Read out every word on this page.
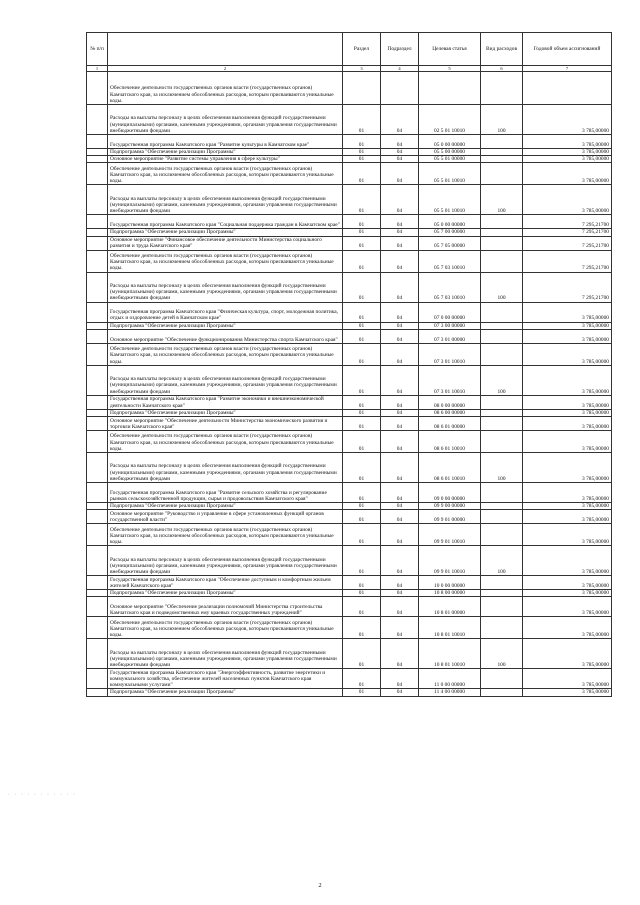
№ п/п		Раздел	Подраздел	Целевая статья	Вид расходов	Годовой объем ассигнований
1	2	3	4	5	6	7
	Обеспечение деятельности государственных органов власти (государственных органов) Камчатского края, за исключением обособленных расходов, которым присваиваются уникальные коды.					
	Расходы на выплаты персоналу в целях обеспечения выполнения функций государственными (муниципальными) органами, казенными учреждениями, органами управления государственными внебюджетными фондами	01	04	02 5 01 10010	100	3 785,00000
	Государственная программа Камчатского края "Развитие культуры в Камчатском крае"	01	04	05 0 00 00000		3 785,00000
	Подпрограмма "Обеспечение реализации Программы"	01	04	05 5 00 00000		3 785,00000
	Основное мероприятие "Развитие системы управления в сфере культуры"	01	04	05 5 01 00000		3 785,00000
	Обеспечение деятельности государственных органов власти (государственных органов) Камчатского края, за исключением обособленных расходов, которым присваиваются уникальные коды.	01	04	05 5 01 10010		3 785,00000
	Расходы на выплаты персоналу в целях обеспечения выполнения функций государственными (муниципальными) органами, казенными учреждениями, органами управления государственными внебюджетными фондами	01	04	05 5 01 10010	100	3 785,00000
	Государственная программа Камчатского края "Социальная поддержка граждан в Камчатском крае"	01	04	05 0 00 00000		7 295,21700
	Подпрограмма "Обеспечение реализации Программы"	01	04	05 7 00 00000		7 295,21700
	Основное мероприятие "Финансовое обеспечение деятельности Министерства социального развития и труда Камчатского края"	01	04	05 7 05 00000		7 295,21700
	Обеспечение деятельности государственных органов власти (государственных органов) Камчатского края, за исключением обособленных расходов, которым присваиваются уникальные коды.	01	04	05 7 03 10010		7 295,21700
	Расходы на выплаты персоналу в целях обеспечения выполнения функций государственными (муниципальными) органами, казенными учреждениями, органами управления государственными внебюджетными фондами	01	04	05 7 03 10010	100	7 295,21700
	Государственная программа Камчатского края "Физическая культура, спорт, молодежная политика, отдых и оздоровление детей в Камчатском крае"	01	04	07 0 00 00000		3 785,00000
	Подпрограмма "Обеспечение реализации Программы"	01	04	07 3 00 00000		3 785,00000
	Основное мероприятие "Обеспечение функционирования Министерства спорта Камчатского края"	01	04	07 3 01 00000		3 785,00000
	Обеспечение деятельности государственных органов власти (государственных органов) Камчатского края, за исключением обособленных расходов, которым присваиваются уникальные коды.	01	04	07 3 01 10010		3 785,00000
	Расходы на выплаты персоналу в целях обеспечения выполнения функций государственными (муниципальными) органами, казенными учреждениями, органами управления государственными внебюджетными фондами	01	04	07 3 01 10010	100	3 785,00000
	Государственная программа Камчатского края "Развитие экономики и внешнеэкономической деятельности Камчатского края"	01	04	08 0 00 00000		3 785,00000
	Подпрограмма "Обеспечение реализации Программы"	01	04	08 6 00 00000		3 785,00000
	Основное мероприятие "Обеспечение деятельности Министерства экономического развития и торговли Камчатского края"	01	04	08 6 01 00000		3 785,00000
	Обеспечение деятельности государственных органов власти (государственных органов) Камчатского края, за исключением обособленных расходов, которым присваиваются уникальные коды.	01	04	08 6 01 10010		3 785,00000
	Расходы на выплаты персоналу в целях обеспечения выполнения функций государственными (муниципальными) органами, казенными учреждениями, органами управления государственными внебюджетными фондами	01	04	08 6 01 10010	100	3 785,00000
	Государственная программа Камчатского края "Развитие сельского хозяйства и регулирование рынков сельскохозяйственной продукции, сырья и продовольствия Камчатского края"	01	04	09 0 00 00000		3 785,00000
	Подпрограмма "Обеспечение реализации Программы"	01	04	09 9 00 00000		3 785,00000
	Основное мероприятие "Руководство и управление в сфере установленных функций органов государственной власти"	01	04	09 9 01 00000		3 785,00000
	Обеспечение деятельности государственных органов власти (государственных органов) Камчатского края, за исключением обособленных расходов, которым присваиваются уникальные коды.	01	04	09 9 01 10010		3 785,00000
	Расходы на выплаты персоналу в целях обеспечения выполнения функций государственными (муниципальными) органами, казенными учреждениями, органами управления государственными внебюджетными фондами	01	04	09 9 01 10010	100	3 785,00000
	Государственная программа Камчатского края "Обеспечение доступным и комфортным жильем жителей Камчатского края"	01	04	10 0 00 00000		3 785,00000
	Подпрограмма "Обеспечение реализации Программы"	01	04	10 8 00 00000		3 785,00000
	Основное мероприятие "Обеспечение реализации полномочий Министерства строительства Камчатского края и подведомственных ему краевых государственных учреждений"	01	04	10 8 01 00000		3 785,00000
	Обеспечение деятельности государственных органов власти (государственных органов) Камчатского края, за исключением обособленных расходов, которым присваиваются уникальные коды.	01	04	10 8 01 10010		3 785,00000
	Расходы на выплаты персоналу в целях обеспечения выполнения функций государственными (муниципальными) органами, казенными учреждениями, органами управления государственными внебюджетными фондами	01	04	10 8 01 10010	100	3 785,00000
	Государственная программа Камчатского края "Энергоэффективность, развитие энергетики и коммунального хозяйства, обеспечение жителей населенных пунктов Камчатского края коммунальными услугами"	01	04	11 0 00 00000		3 785,00000
	Подпрограмма "Обеспечение реализации Программы"	01	04	11 4 00 00000		3 785,00000
· · · · · · · · · · ·
2
